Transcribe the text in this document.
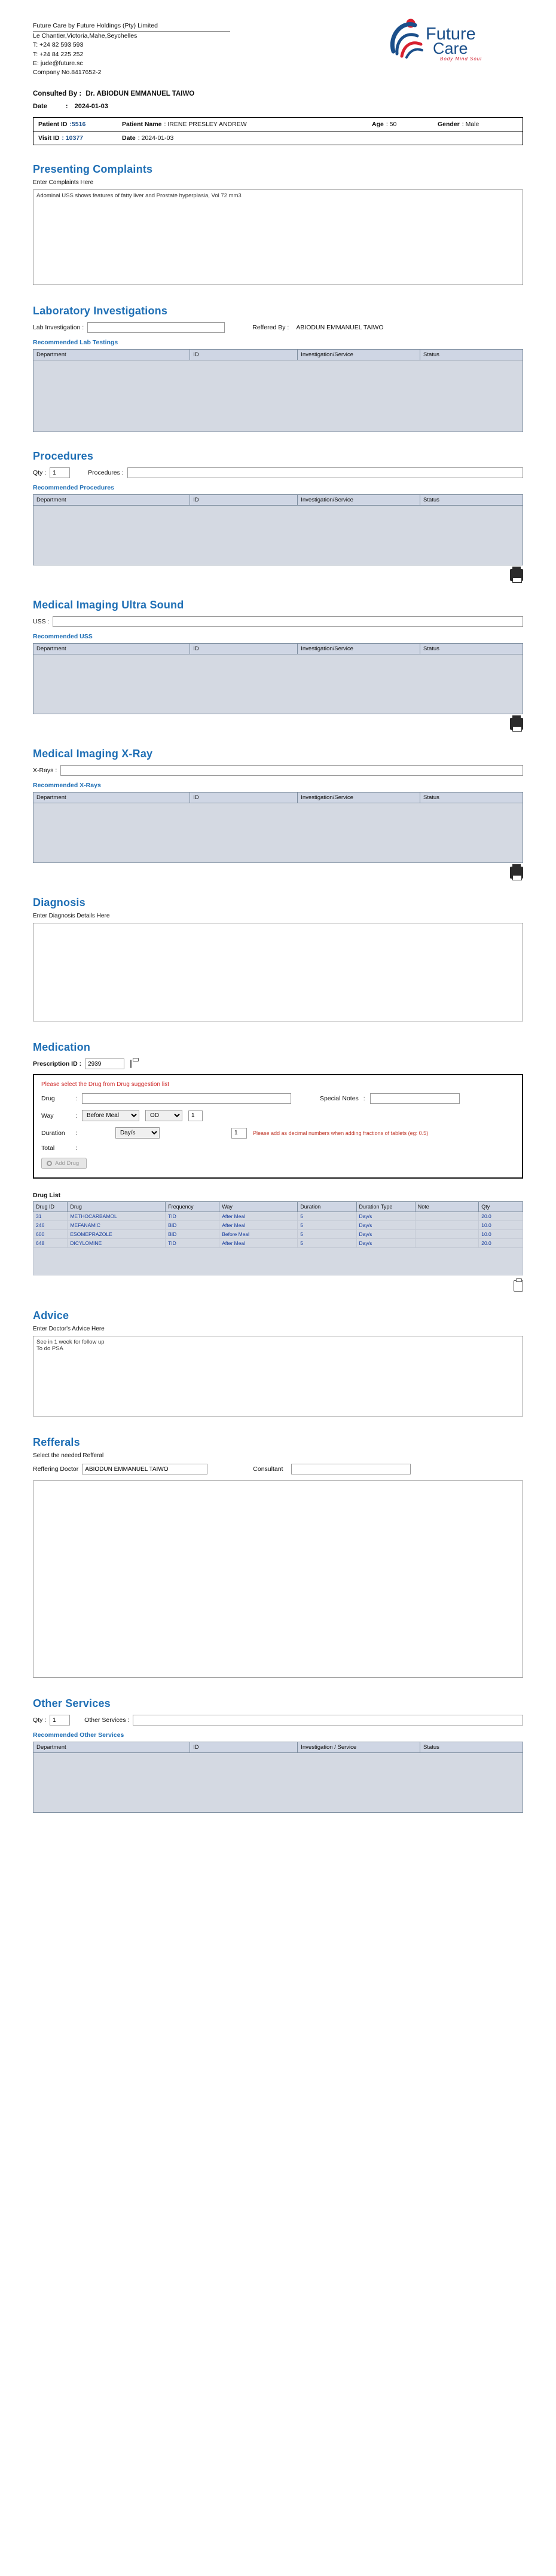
Future Care by Future Holdings (Pty) Limited
Le Chantier,Victoria,Mahe,Seychelles
T: +24 82 593 593
T: +24 84 225 252
E: jude@future.sc
Company No.8417652-2
Future
Care
Body Mind Soul
Consulted By : Dr. ABIODUN EMMANUEL TAIWO
Date	: 2024-01-03
Patient ID :5516	Patient Name : IRENE PRESLEY ANDREW	Age : 50	Gender : Male
Visit ID : 10377	Date : 2024-01-03
Presenting Complaints
Enter Complaints Here
Adominal USS shows features of fatty liver and Prostate hyperplasia, Vol 72 mm3
Laboratory Investigations
Lab Investigation :	Reffered By : ABIODUN EMMANUEL TAIWO
Recommended Lab Testings
Department	ID	Investigation/Service	Status

Procedures
Qty :
1	Procedures :
Recommended Procedures
Department	ID	Investigation/Service	Status

Medical Imaging Ultra Sound
USS :
Recommended USS
Department	ID	Investigation/Service	Status

Medical Imaging X-Ray
X-Rays :
Recommended X-Rays
Department	ID	Investigation/Service	Status

Diagnosis
Enter Diagnosis Details Here
Medication
Prescription ID :
2939
Please select the Drug from Drug suggestion list
Drug	:	Special Notes :
Way	:
Before Meal
OD
1
Duration	:
Day/s
1	Please add as decimal numbers when adding fractions of tablets (eg: 0.5)
Total	:
Add Drug
Drug List
Drug ID	Drug	Frequency	Way	Duration	Duration Type	Note	Qty
31	METHOCARBAMOL	TID	After Meal	5	Day/s		20.0
246	MEFANAMIC	BID	After Meal	5	Day/s		10.0
600	ESOMEPRAZOLE	BID	Before Meal	5	Day/s		10.0
648	DICYLOMINE	TID	After Meal	5	Day/s		20.0

Advice
Enter Doctor's Advice Here
See in 1 week for follow up To do PSA
Refferals
Select the needed Refferal
Reffering Doctor
ABIODUN EMMANUEL TAIWO	Consultant
Other Services
Qty :
1	Other Services :
Recommended Other Services
Department	ID	Investigation / Service	Status
